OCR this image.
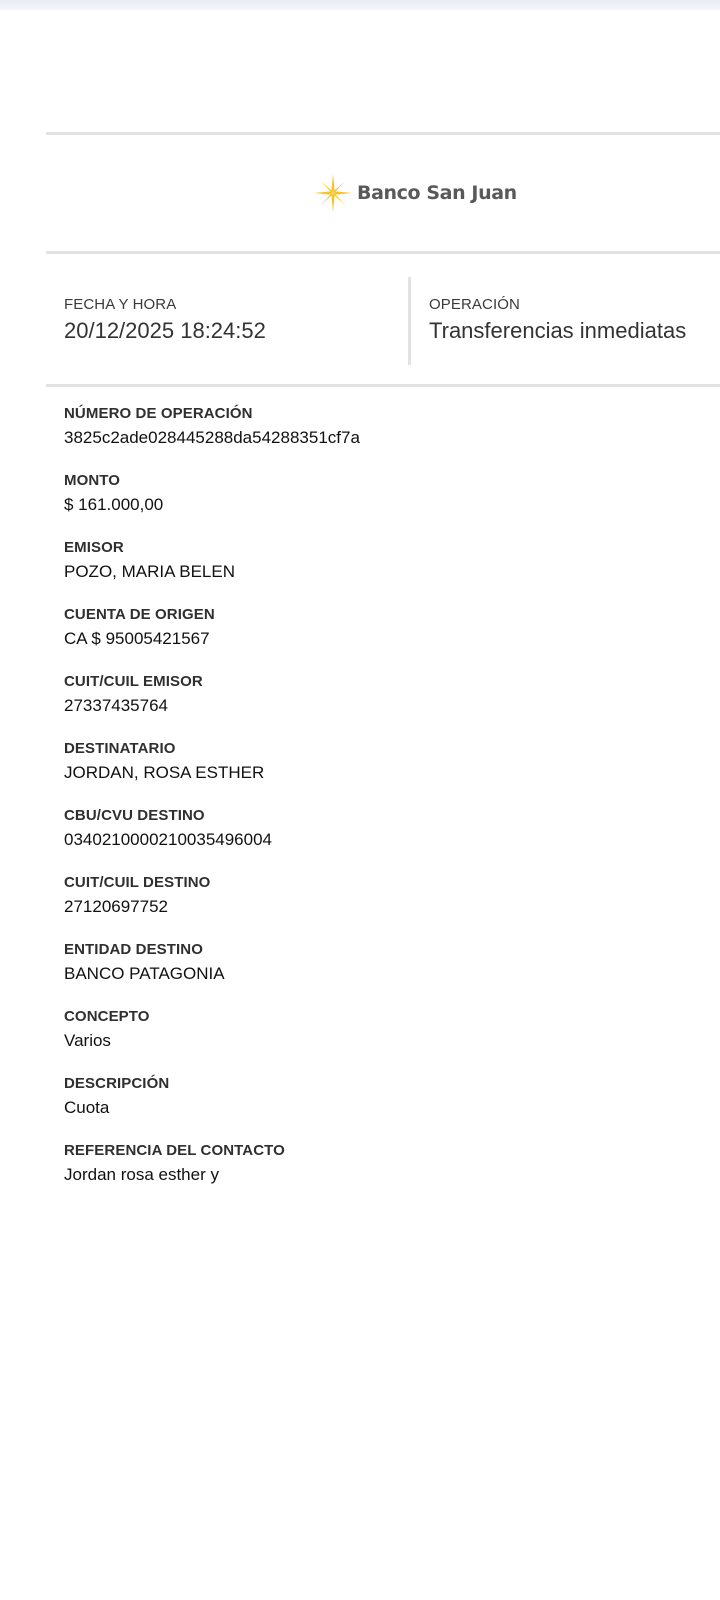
Banco San Juan
FECHA Y HORA
20/12/2025 18:24:52
OPERACIÓN
Transferencias inmediatas
NÚMERO DE OPERACIÓN
3825c2ade028445288da54288351cf7a
MONTO
$ 161.000,00
EMISOR
POZO, MARIA BELEN
CUENTA DE ORIGEN
CA $ 95005421567
CUIT/CUIL EMISOR
27337435764
DESTINATARIO
JORDAN, ROSA ESTHER
CBU/CVU DESTINO
0340210000210035496004
CUIT/CUIL DESTINO
27120697752
ENTIDAD DESTINO
BANCO PATAGONIA
CONCEPTO
Varios
DESCRIPCIÓN
Cuota
REFERENCIA DEL CONTACTO
Jordan rosa esther y
